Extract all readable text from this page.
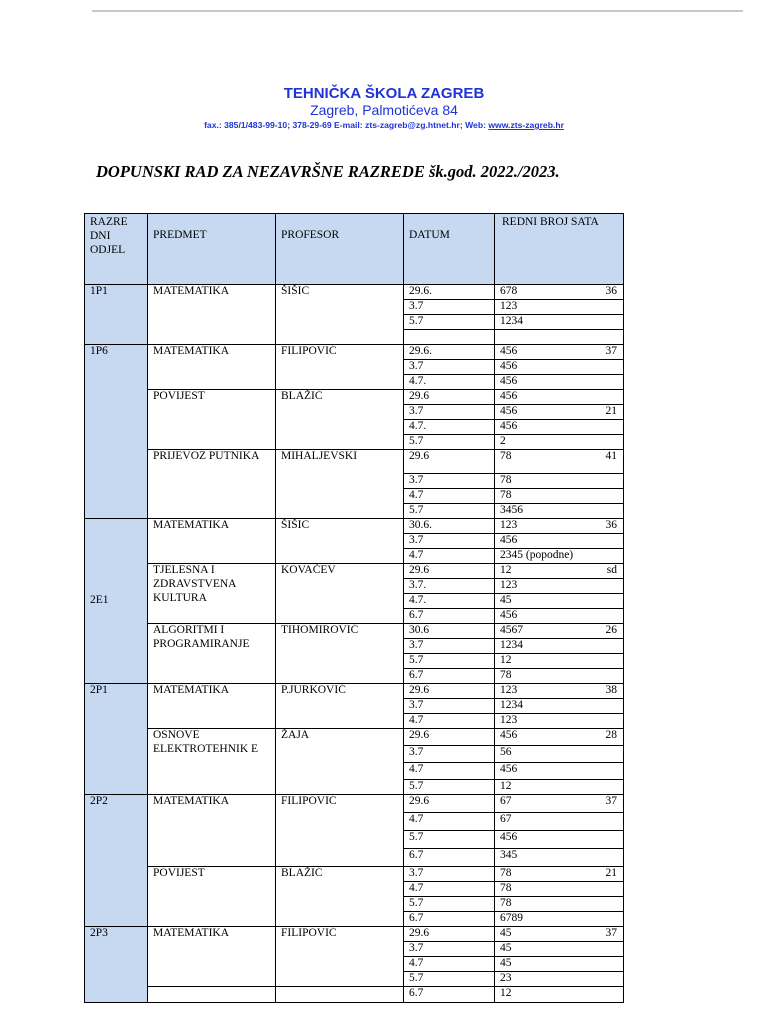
TEHNIČKA ŠKOLA ZAGREB
Zagreb, Palmotićeva 84
fax.: 385/1/483-99-10; 378-29-69 E-mail: zts-zagreb@zg.htnet.hr; Web: www.zts-zagreb.hr
DOPUNSKI RAD ZA NEZAVRŠNE RAZREDE šk.god. 2022./2023.
RAZRE DNI ODJEL	PREDMET	PROFESOR	DATUM	REDNI BROJ SATA
1P1	MATEMATIKA	ŠIŠIC	29.6.	678 36

			3.7	123
			5.7	1234

1P6	MATEMATIKA	FILIPOVIĆ	29.6.	456 37

			3.7	456
			4.7.	456
	POVIJEST	BLAŽIĆ	29.6	456
			3.7	456 21

			4.7.	456
			5.7	2
	PRIJEVOZ PUTNIKA	MIHALJEVSKI	29.6	78 41

			3.7	78
			4.7	78
			5.7	3456
2E1	MATEMATIKA	ŠIŠIC	30.6.	123 36

			3.7	456
			4.7	2345 (popodne)
	TJELESNA I ZDRAVSTVENA KULTURA	KOVAČEV	29.6	12 sd

			3.7.	123
			4.7.	45
			6.7	456
	ALGORITMI I PROGRAMIRANJE	TIHOMIROVIĆ	30.6	4567 26

			3.7	1234
			5.7	12
			6.7	78
2P1	MATEMATIKA	P.JURKOVIĆ	29.6	123 38

			3.7	1234
			4.7	123
	OSNOVE ELEKTROTEHNIK E	ŽAJA	29.6	456 28

			3.7	56
			4.7	456
			5.7	12
2P2	MATEMATIKA	FILIPOVIĆ	29.6	67 37

			4.7	67
			5.7	456
			6.7	345
	POVIJEST	BLAŽIĆ	3.7	78 21

			4.7	78
			5.7	78
			6.7	6789
2P3	MATEMATIKA	FILIPOVIĆ	29.6	45 37

			3.7	45
			4.7	45
			5.7	23
			6.7	12
